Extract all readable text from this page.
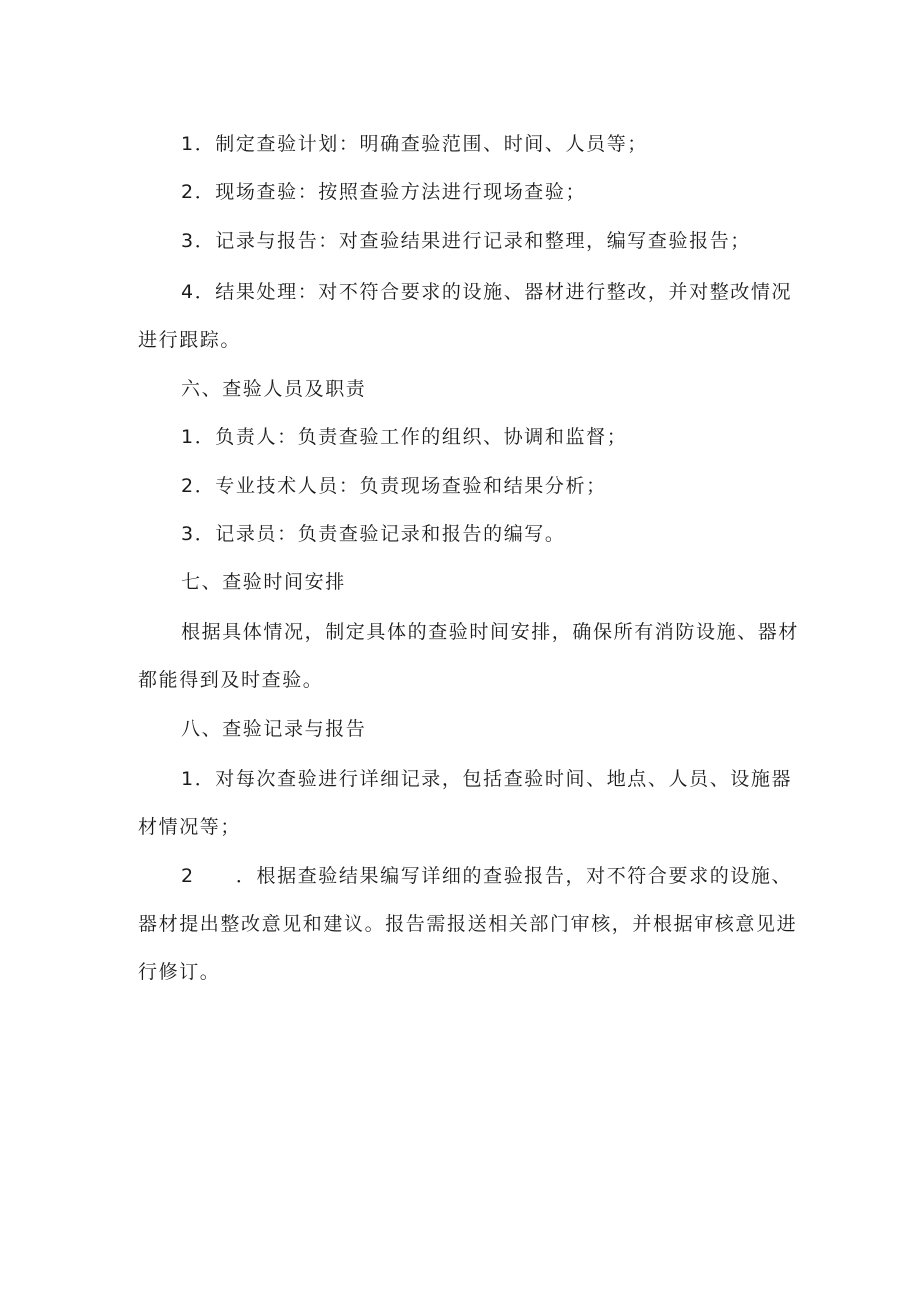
1．制定查验计划：明确查验范围、时间、人员等；

2．现场查验：按照查验方法进行现场查验；

3．记录与报告：对查验结果进行记录和整理，编写查验报告；

4．结果处理：对不符合要求的设施、器材进行整改，并对整改情况
进行跟踪。

六、查验人员及职责

1．负责人：负责查验工作的组织、协调和监督；

2．专业技术人员：负责现场查验和结果分析；

3．记录员：负责查验记录和报告的编写。

七、查验时间安排

根据具体情况，制定具体的查验时间安排，确保所有消防设施、器材
都能得到及时查验。

八、查验记录与报告

1．对每次查验进行详细记录，包括查验时间、地点、人员、设施器
材情况等；

2　　．根据查验结果编写详细的查验报告，对不符合要求的设施、
器材提出整改意见和建议。报告需报送相关部门审核，并根据审核意见进
行修订。
